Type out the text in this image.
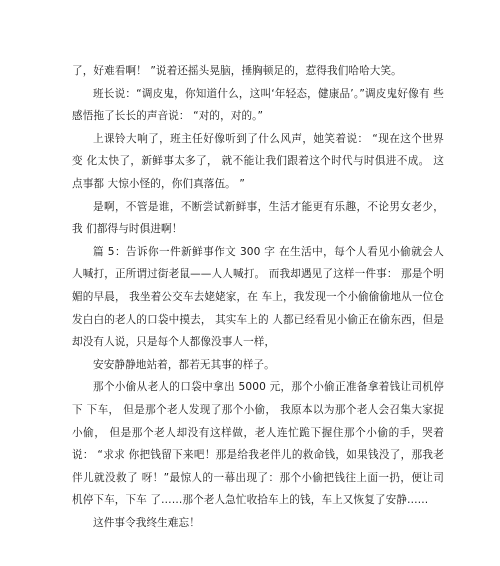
了，好难看啊！ ”说着还摇头晃脑，捶胸顿足的，惹得我们哈哈大笑。

班长说：“调皮鬼，你知道什么，这叫‘年轻态，健康品’。”调皮鬼好像有 些感悟拖了长长的声音说： “对的，对的。”

上课铃大响了，班主任好像听到了什么风声，她笑着说： “现在这个世界变 化太快了，新鲜事太多了， 就不能让我们跟着这个时代与时俱进不成。 这点事都 大惊小怪的，你们真落伍。 ”

是啊，不管是谁，不断尝试新鲜事，生活才能更有乐趣，不论男女老少，我 们都得与时俱进啊！

篇 5：告诉你一件新鲜事作文 300 字 在生活中，每个人看见小偷就会人人喊打，正所谓过街老鼠——人人喊打。 而我却遇见了这样一件事： 那是个明媚的早晨， 我坐着公交车去姥姥家，在 车上，我发现一个小偷偷偷地从一位仓发白白的老人的口袋中摸去， 其实车上的 人都已经看见小偷正在偷东西，但是却没有人说，只是每个人都像没事人一样，

安安静静地站着，都若无其事的样子。

那个小偷从老人的口袋中拿出 5000 元，那个小偷正准备拿着钱让司机停下 下车， 但是那个老人发现了那个小偷， 我原本以为那个老人会召集大家捉小偷， 但是那个老人却没有这样做，老人连忙跪下握住那个小偷的手，哭着说： “求求 你把钱留下来吧！那是给我老伴儿的救命钱，如果钱没了，那我老伴儿就没救了 呀！”最惊人的一幕出现了：那个小偷把钱往上面一扔，便让司机停下车，下车 了……那个老人急忙收拾车上的钱，车上又恢复了安静……

这件事令我终生难忘！
